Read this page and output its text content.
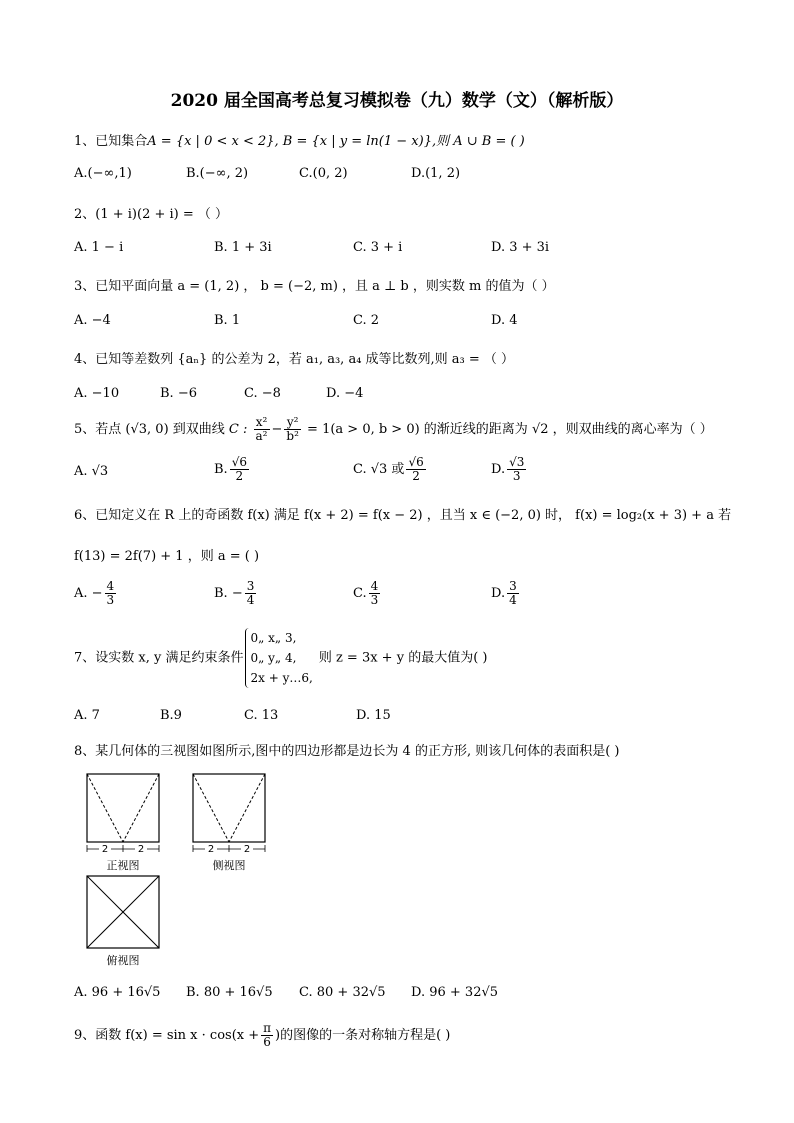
2020 届全国高考总复习模拟卷（九）数学（文）（解析版）
1、已知集合A = {x | 0 < x < 2}, B = {x | y = ln(1 − x)},则 A ∪ B = ( )
A.(−∞,1)	B.(−∞, 2)	C.(0, 2)	D.(1, 2)
2、(1 + i)(2 + i) = （ ）
A. 1 − i	B. 1 + 3i	C. 3 + i	D. 3 + 3i
3、已知平面向量 a = (1, 2) ， b = (−2, m) ，且 a ⊥ b ，则实数 m 的值为（ ）
A. −4	B. 1	C. 2	D. 4
4、已知等差数列 {aₙ} 的公差为 2，若 a₁, a₃, a₄ 成等比数列,则 a₃ = （ ）
A. −10	B. −6	C. −8	D. −4
5、若点 (√3, 0) 到双曲线 C : $\frac{\text{x²}}{\text{a²}} - \frac{\text{y²}}{\text{b²}} = 1(a > 0$, b > 0) 的渐近线的距离为 √2 ，则双曲线的离心率为（ ）
A. √3	B. $\frac{√6}{2}$	C. √3 或 $\frac{√6}{2}$	D. $\frac{√3}{3}$
6、已知定义在 R 上的奇函数 f(x) 满足 f(x + 2) = f(x − 2) ，且当 x ∈ (−2, 0) 时， f(x) = log₂(x + 3) + a 若
f(13) = 2f(7) + 1 ，则 a = ( )
A. − $\frac{4}{3}$	B. − $\frac{3}{4}$	C. $\frac{4}{3}$	D. $\frac{3}{4}$
7、设实数 x, y 满足约束条件
0„ x„ 3,
0„ y„ 4,
2x + y…6,
则 z = 3x + y 的最大值为( )
A. 7	B.9	C. 13	D. 15
8、某几何体的三视图如图所示,图中的四边形都是边长为 4 的正方形, 则该几何体的表面积是( )
2	2
正视图
2	2
侧视图
俯视图
A. 96 + 16√5 B. 80 + 16√5 C. 80 + 32√5 D. 96 + 32√5
9、函数 $f(x) = \sin x \cdot \cos(x + \frac{\pi}{6}$ )的图像的一条对称轴方程是( )
